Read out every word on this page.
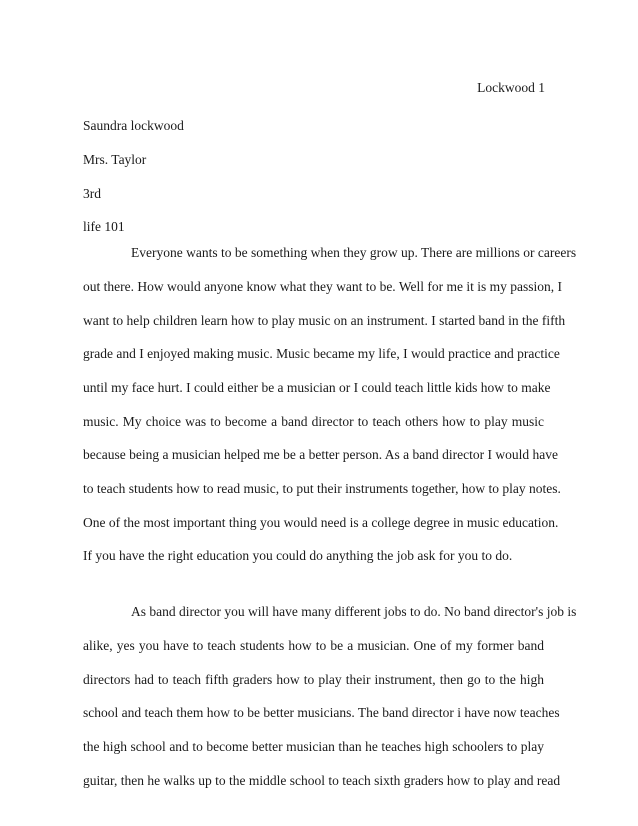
Lockwood 1
Saundra lockwood
Mrs. Taylor
3rd
life 101
Everyone wants to be something when they grow up. There are millions or careers
out there. How would anyone know what they want to be. Well for me it is my passion, I
want to help children learn how to play music on an instrument. I started band in the fifth
grade and I enjoyed making music. Music became my life, I would practice and practice
until my face hurt. I could either be a musician or I could teach little kids how to make
music. My choice was to become a band director to teach others how to play music
because being a musician helped me be a better person. As a band director I would have
to teach students how to read music, to put their instruments together, how to play notes.
One of the most important thing you would need is a college degree in music education.
If you have the right education you could do anything the job ask for you to do.
As band director you will have many different jobs to do. No band director's job is
alike, yes you have to teach students how to be a musician. One of my former band
directors had to teach fifth graders how to play their instrument, then go to the high
school and teach them how to be better musicians. The band director i have now teaches
the high school and to become better musician than he teaches high schoolers to play
guitar, then he walks up to the middle school to teach sixth graders how to play and read
